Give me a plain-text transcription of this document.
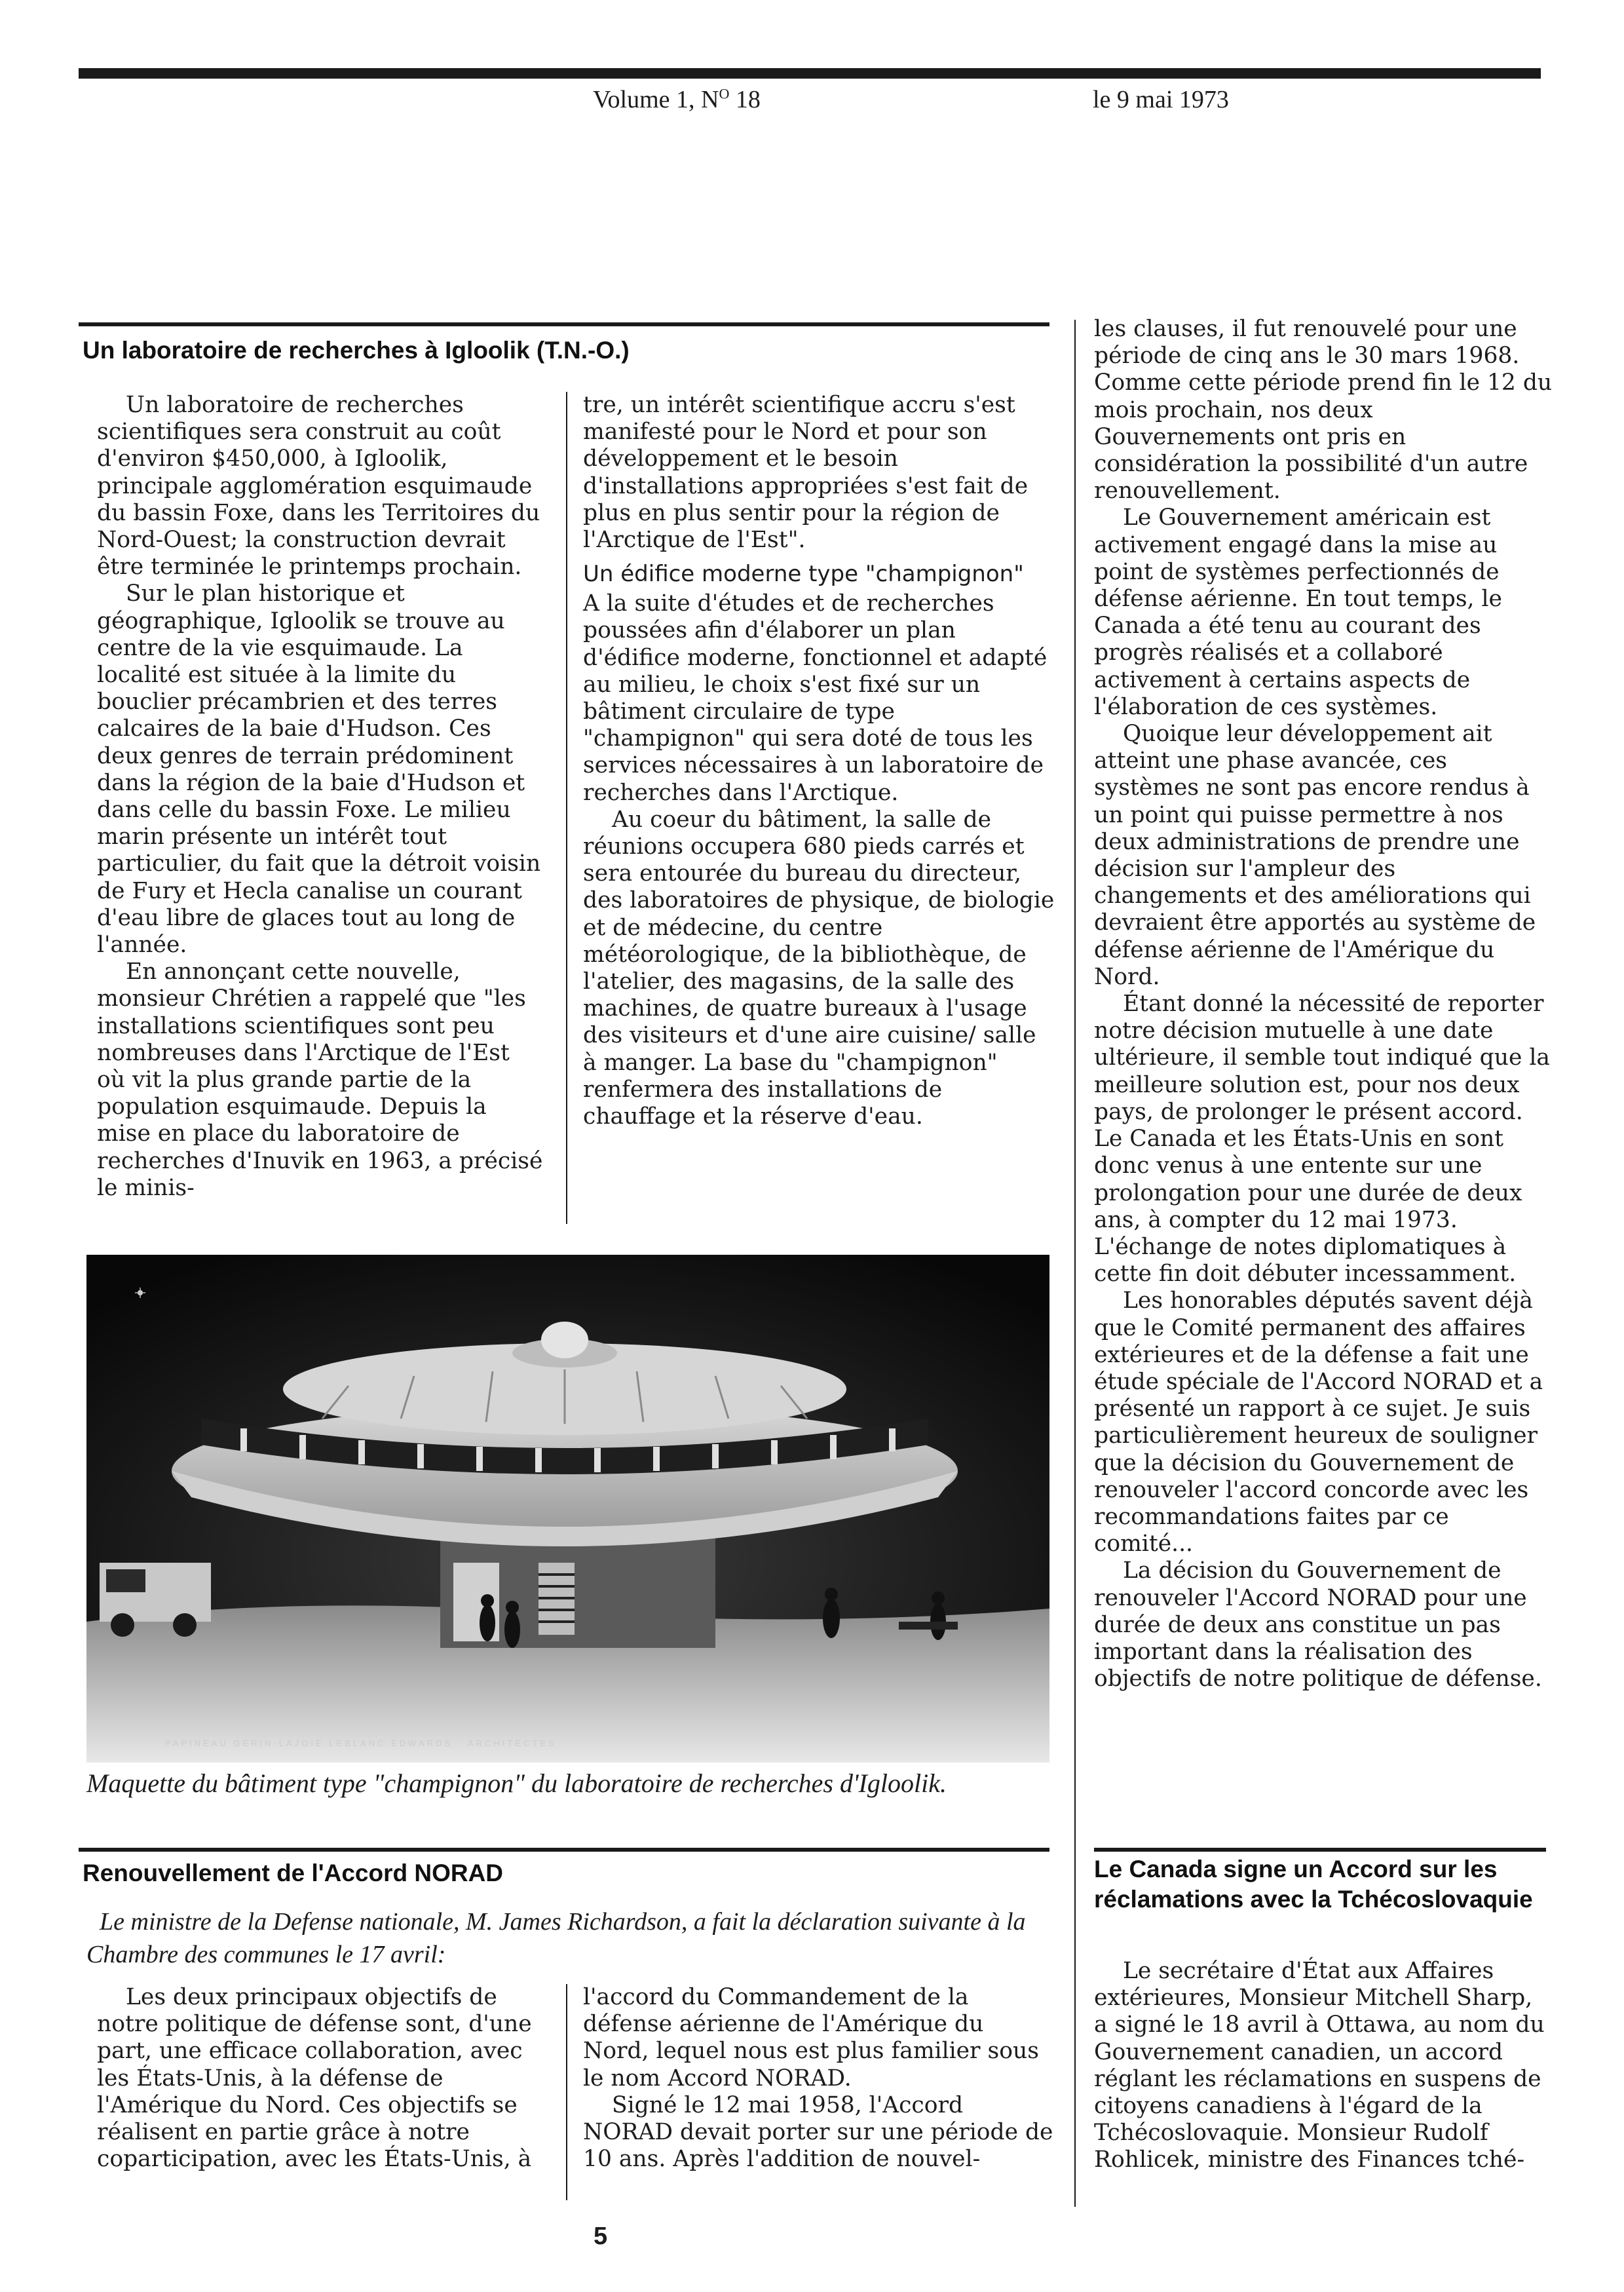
Volume 1, $N^O$ 18	le 9 mai 1973
Un laboratoire de recherches à Igloolik (T.N.-O.)

Un laboratoire de recherches scientifiques sera construit au coût d'environ $450,000, à Igloolik, principale agglomération esquimaude du bassin Foxe, dans les Territoires du Nord-Ouest; la construction devrait être terminée le printemps prochain.

Sur le plan historique et géographique, Igloolik se trouve au centre de la vie esquimaude. La localité est située à la limite du bouclier précambrien et des terres calcaires de la baie d'Hudson. Ces deux genres de terrain prédominent dans la région de la baie d'Hudson et dans celle du bassin Foxe. Le milieu marin présente un intérêt tout particulier, du fait que la détroit voisin de Fury et Hecla canalise un courant d'eau libre de glaces tout au long de l'année.

En annonçant cette nouvelle, monsieur Chrétien a rappelé que "les installations scientifiques sont peu nombreuses dans l'Arctique de l'Est où vit la plus grande partie de la population esquimaude. Depuis la mise en place du laboratoire de recherches d'Inuvik en 1963, a précisé le minis-

tre, un intérêt scientifique accru s'est manifesté pour le Nord et pour son développement et le besoin d'installations appropriées s'est fait de plus en plus sentir pour la région de l'Arctique de l'Est".

Un édifice moderne type "champignon"

A la suite d'études et de recherches poussées afin d'élaborer un plan d'édifice moderne, fonctionnel et adapté au milieu, le choix s'est fixé sur un bâtiment circulaire de type "champignon" qui sera doté de tous les services nécessaires à un laboratoire de recherches dans l'Arctique.

Au coeur du bâtiment, la salle de réunions occupera 680 pieds carrés et sera entourée du bureau du directeur, des laboratoires de physique, de biologie et de médecine, du centre météorologique, de la bibliothèque, de l'atelier, des magasins, de la salle des machines, de quatre bureaux à l'usage des visiteurs et d'une aire cuisine/ salle à manger. La base du "champignon" renfermera des installations de chauffage et la réserve d'eau.

PAPINEAU GERIN-LAJOIE LEBLANC EDWARDS · ARCHITECTES
Maquette du bâtiment type "champignon" du laboratoire de recherches d'Igloolik.
Renouvellement de l'Accord NORAD
Le ministre de la Defense nationale, M. James Richardson, a fait la déclaration suivante à la Chambre des communes le 17 avril:

Les deux principaux objectifs de notre politique de défense sont, d'une part, une efficace collaboration, avec les États-Unis, à la défense de l'Amérique du Nord. Ces objectifs se réalisent en partie grâce à notre coparticipation, avec les États-Unis, à

l'accord du Commandement de la défense aérienne de l'Amérique du Nord, lequel nous est plus familier sous le nom Accord NORAD.

Signé le 12 mai 1958, l'Accord NORAD devait porter sur une période de 10 ans. Après l'addition de nouvel-

les clauses, il fut renouvelé pour une période de cinq ans le 30 mars 1968. Comme cette période prend fin le 12 du mois prochain, nos deux Gouvernements ont pris en considération la possibilité d'un autre renouvellement.

Le Gouvernement américain est activement engagé dans la mise au point de systèmes perfectionnés de défense aérienne. En tout temps, le Canada a été tenu au courant des progrès réalisés et a collaboré activement à certains aspects de l'élaboration de ces systèmes.

Quoique leur développement ait atteint une phase avancée, ces systèmes ne sont pas encore rendus à un point qui puisse permettre à nos deux administrations de prendre une décision sur l'ampleur des changements et des améliorations qui devraient être apportés au système de défense aérienne de l'Amérique du Nord.

Étant donné la nécessité de reporter notre décision mutuelle à une date ultérieure, il semble tout indiqué que la meilleure solution est, pour nos deux pays, de prolonger le présent accord. Le Canada et les États-Unis en sont donc venus à une entente sur une prolongation pour une durée de deux ans, à compter du 12 mai 1973. L'échange de notes diplomatiques à cette fin doit débuter incessamment.

Les honorables députés savent déjà que le Comité permanent des affaires extérieures et de la défense a fait une étude spéciale de l'Accord NORAD et a présenté un rapport à ce sujet. Je suis particulièrement heureux de souligner que la décision du Gouvernement de renouveler l'accord concorde avec les recommandations faites par ce comité...

La décision du Gouvernement de renouveler l'Accord NORAD pour une durée de deux ans constitue un pas important dans la réalisation des objectifs de notre politique de défense.

Le Canada signe un Accord sur les réclamations avec la Tchécoslovaquie

Le secrétaire d'État aux Affaires extérieures, Monsieur Mitchell Sharp, a signé le 18 avril à Ottawa, au nom du Gouvernement canadien, un accord réglant les réclamations en suspens de citoyens canadiens à l'égard de la Tchécoslovaquie. Monsieur Rudolf Rohlicek, ministre des Finances tché-

5
